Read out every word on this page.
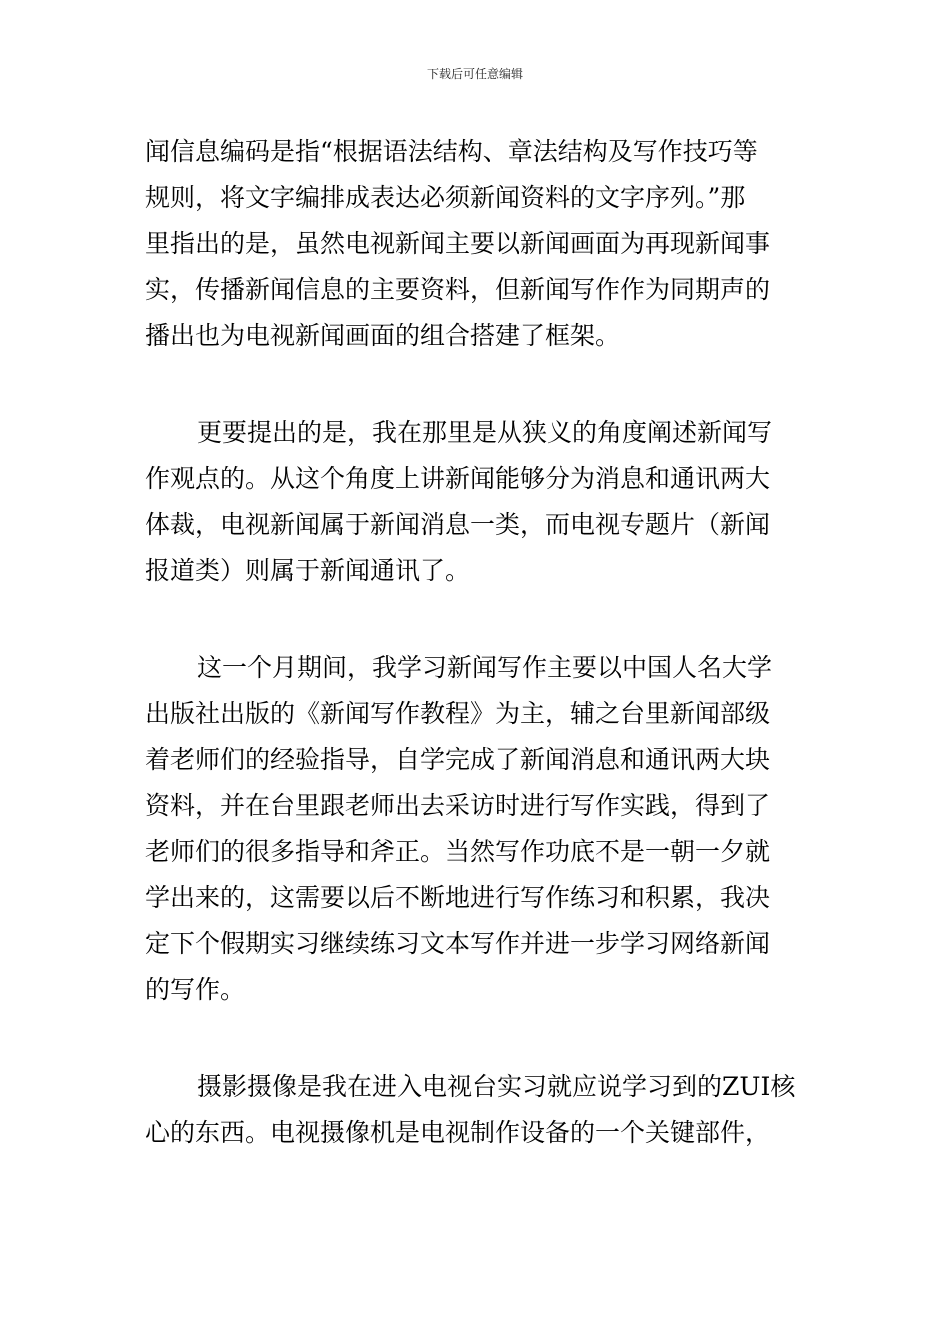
下载后可任意编辑
闻信息编码是指“根据语法结构、章法结构及写作技巧等
规则，将文字编排成表达必须新闻资料的文字序列。”那
里指出的是，虽然电视新闻主要以新闻画面为再现新闻事
实，传播新闻信息的主要资料，但新闻写作作为同期声的
播出也为电视新闻画面的组合搭建了框架。
更要提出的是，我在那里是从狭义的角度阐述新闻写
作观点的。从这个角度上讲新闻能够分为消息和通讯两大
体裁，电视新闻属于新闻消息一类，而电视专题片（新闻
报道类）则属于新闻通讯了。
这一个月期间，我学习新闻写作主要以中国人名大学
出版社出版的《新闻写作教程》为主，辅之台里新闻部级
着老师们的经验指导，自学完成了新闻消息和通讯两大块
资料，并在台里跟老师出去采访时进行写作实践，得到了
老师们的很多指导和斧正。当然写作功底不是一朝一夕就
学出来的，这需要以后不断地进行写作练习和积累，我决
定下个假期实习继续练习文本写作并进一步学习网络新闻
的写作。
摄影摄像是我在进入电视台实习就应说学习到的ZUI核
心的东西。电视摄像机是电视制作设备的一个关键部件，
